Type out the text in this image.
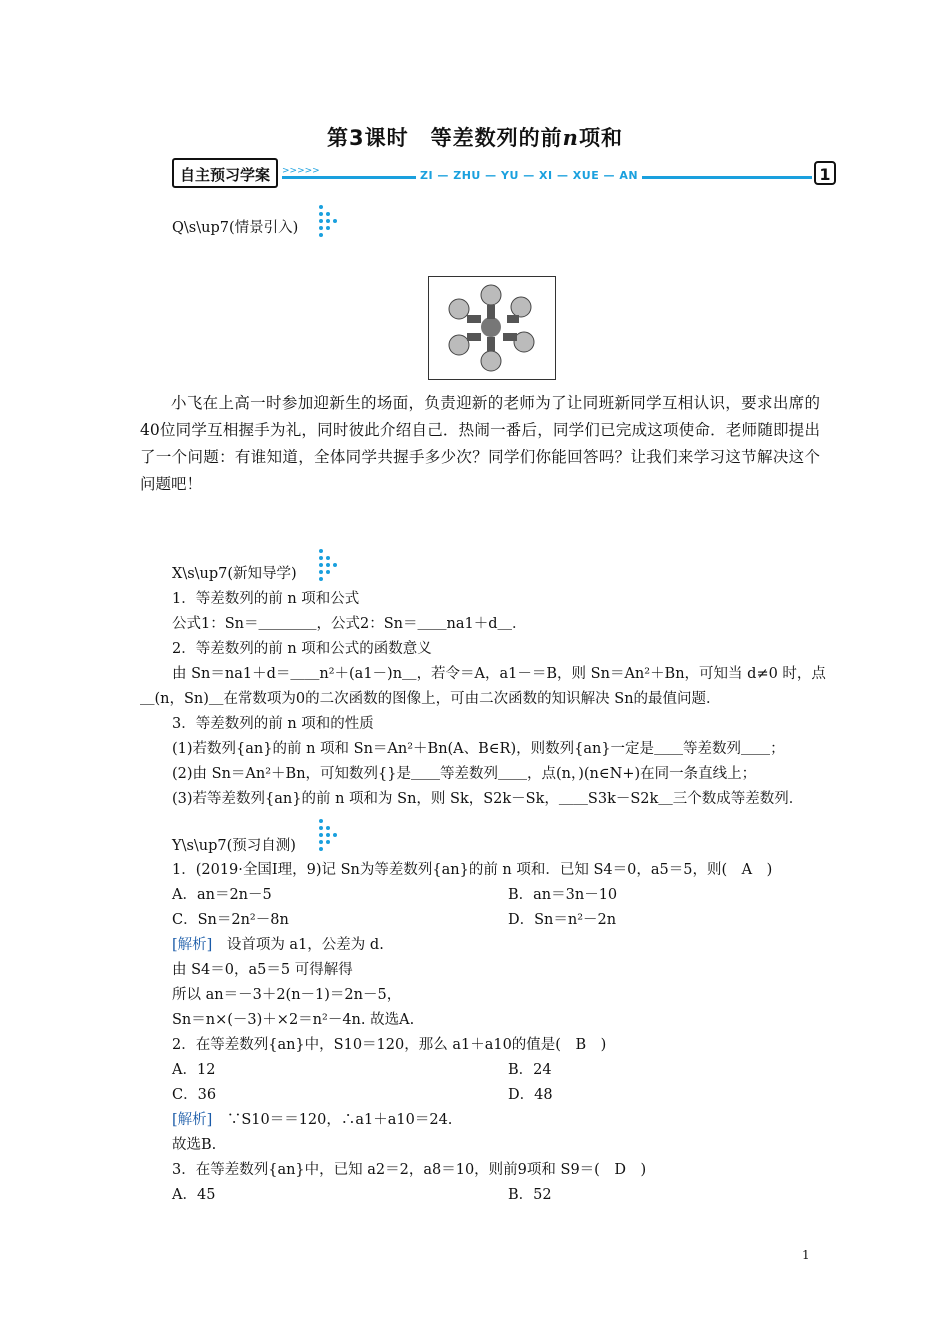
第3课时　等差数列的前n项和
自主预习学案	>>>>>	ZI — ZHU — YU — XI — XUE — AN	1
Q\s\up7(情景引入)
小飞在上高一时参加迎新生的场面，负责迎新的老师为了让同班新同学互相认识，要求出席的40位同学互相握手为礼，同时彼此介绍自己．热闹一番后，同学们已完成这项使命．老师随即提出了一个问题：有谁知道，全体同学共握手多少次？同学们你能回答吗？让我们来学习这节解决这个问题吧！
X\s\up7(新知导学)
1．等差数列的前 n 项和公式
公式1：Sn＝＿＿＿＿，公式2：Sn＝＿＿na1＋d＿．
2．等差数列的前 n 项和公式的函数意义
由 Sn＝na1＋d＝＿＿n²＋(a1－)n＿，若令＝A，a1－＝B，则 Sn＝An²＋Bn，可知当 d≠0 时，点
＿(n，Sn)＿在常数项为0的二次函数的图像上，可由二次函数的知识解决 Sn的最值问题．
3．等差数列的前 n 项和的性质
(1)若数列{an}的前 n 项和 Sn＝An²＋Bn(A、B∈R)，则数列{an}一定是＿＿等差数列＿＿；
(2)由 Sn＝An²＋Bn，可知数列{}是＿＿等差数列＿＿，点(n，)(n∈N+)在同一条直线上；
(3)若等差数列{an}的前 n 项和为 Sn，则 Sk，S2k－Sk，＿＿S3k－S2k＿三个数成等差数列．
Y\s\up7(预习自测)
1．(2019·全国Ⅰ理，9)记 Sn为等差数列{an}的前 n 项和．已知 S4＝0，a5＝5，则(　A　)
A．an＝2n－5	B．an＝3n－10
C．Sn＝2n²－8n	D．Sn＝n²－2n
[解析]　设首项为 a1，公差为 d.
由 S4＝0，a5＝5 可得解得
所以 an＝－3＋2(n－1)＝2n－5，
Sn＝n×(－3)＋×2＝n²－4n. 故选A.
2．在等差数列{an}中，S10＝120，那么 a1＋a10的值是(　B　)
A．12	B．24
C．36	D．48
[解析]　∵S10＝＝120，∴a1＋a10＝24.
故选B.
3．在等差数列{an}中，已知 a2＝2，a8＝10，则前9项和 S9＝(　D　)
A．45	B．52
1
